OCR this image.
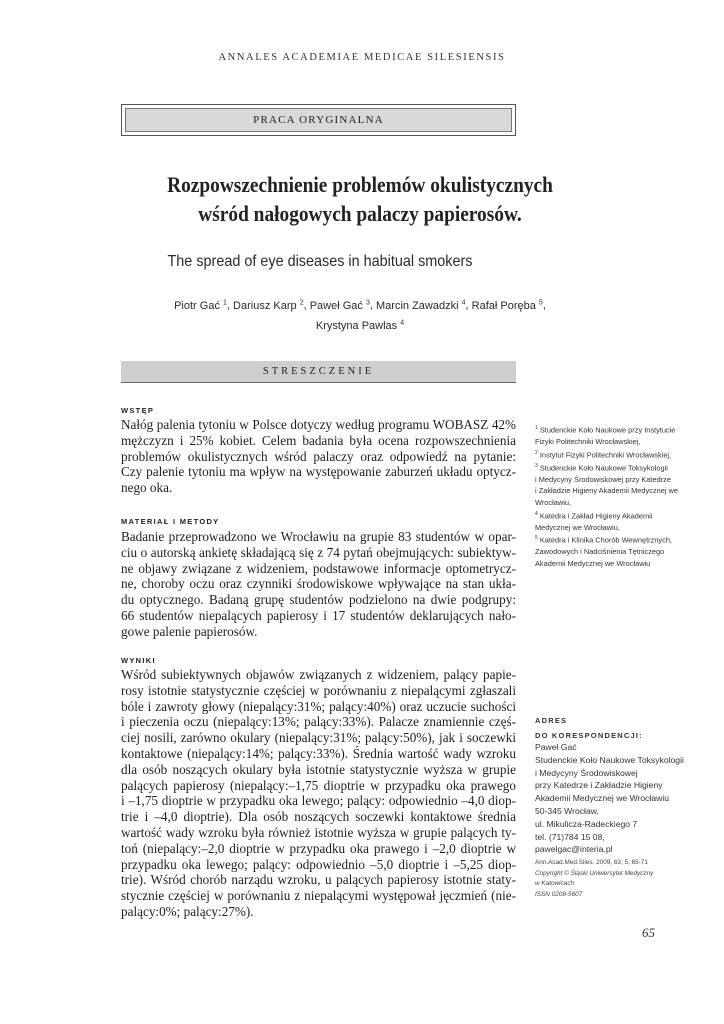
ANNALES ACADEMIAE MEDICAE SILESIENSIS
PRACA ORYGINALNA
Rozpowszechnienie problemów okulistycznych
wśród nałogowych palaczy papierosów.
The spread of eye diseases in habitual smokers
Piotr Gać $^1$, Dariusz Karp $^2$, Paweł Gać $^3$, Marcin Zawadzki $^4$, Rafał Poręba $^5$,
Krystyna Pawlas $^4$
STRESZCZENIE
WSTĘP
Nałóg palenia tytoniu w Polsce dotyczy według programu WOBASZ 42%
mężczyzn i 25% kobiet. Celem badania była ocena rozpowszechnienia
problemów okulistycznych wśród palaczy oraz odpowiedź na pytanie:
Czy palenie tytoniu ma wpływ na występowanie zaburzeń układu optycz-
nego oka.
MATERIAŁ I METODY
Badanie przeprowadzono we Wrocławiu na grupie 83 studentów w opar-
ciu o autorską ankietę składającą się z 74 pytań obejmujących: subiektyw-
ne objawy związane z widzeniem, podstawowe informacje optometrycz-
ne, choroby oczu oraz czynniki środowiskowe wpływające na stan ukła-
du optycznego. Badaną grupę studentów podzielono na dwie podgrupy:
66 studentów niepalących papierosy i 17 studentów deklarujących nało-
gowe palenie papierosów.
WYNIKI
Wśród subiektywnych objawów związanych z widzeniem, palący papie-
rosy istotnie statystycznie częściej w porównaniu z niepalącymi zgłaszali
bóle i zawroty głowy (niepalący:31%; palący:40%) oraz uczucie suchości
i pieczenia oczu (niepalący:13%; palący:33%). Palacze znamiennie częś-
ciej nosili, zarówno okulary (niepalący:31%; palący:50%), jak i soczewki
kontaktowe (niepalący:14%; palący:33%). Średnia wartość wady wzroku
dla osób noszących okulary była istotnie statystycznie wyższa w grupie
palących papierosy (niepalący:–1,75 dioptrie w przypadku oka prawego
i –1,75 dioptrie w przypadku oka lewego; palący: odpowiednio –4,0 diop-
trie i –4,0 dioptrie). Dla osób noszących soczewki kontaktowe średnia
wartość wady wzroku była również istotnie wyższa w grupie palących ty-
toń (niepalący:–2,0 dioptrie w przypadku oka prawego i –2,0 dioptrie w
przypadku oka lewego; palący: odpowiednio –5,0 dioptrie i –5,25 diop-
trie). Wśród chorób narządu wzroku, u palących papierosy istotnie staty-
stycznie częściej w porównaniu z niepalącymi występował jęczmień (nie-
palący:0%; palący:27%).
$^1$ Studenckie Koło Naukowe przy Instytucie
Fizyki Politechniki Wrocławskiej,
$^2$ Instytut Fizyki Politechniki Wrocławskiej,
$^3$ Studenckie Koło Naukowe Toksykologii
i Medycyny Środowiskowej przy Katedrze
i Zakładzie Higieny Akademii Medycznej we
Wrocławiu,
$^4$ Katedra i Zakład Higieny Akademii
Medycznej we Wrocławiu,
$^5$ Katedra i Klinika Chorób Wewnętrznych,
Zawodowych i Nadciśnienia Tętniczego
Akademii Medycznej we Wrocławiu
ADRES
DO KORESPONDENCJI:
Paweł Gać
Studenckie Koło Naukowe Toksykologii
i Medycyny Środowiskowej
przy Katedrze i Zakładzie Higieny
Akademii Medycznej we Wrocławiu
50-345 Wrocław,
ul. Mikulicza-Radeckiego 7
tel. (71)784 15 08,
pawelgac@interia.pl
Ann.Acad.Med.Siles. 2009, 63, 5, 65-71
Copyright © Śląski Uniwersytet Medyczny
w Katowicach
ISSN 0208-5607
65
